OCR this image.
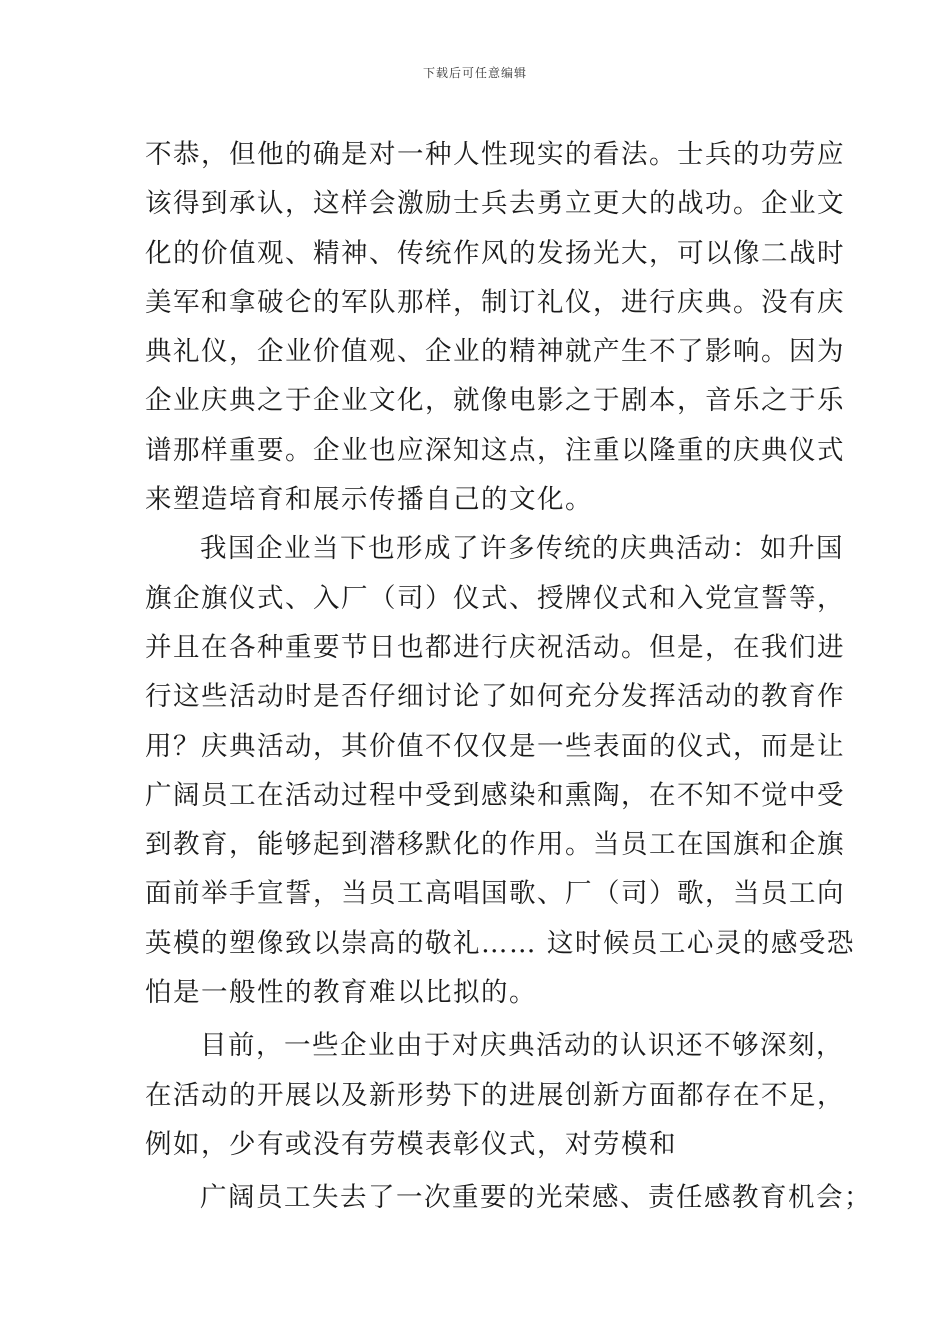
下载后可任意编辑
不恭，但他的确是对一种人性现实的看法。士兵的功劳应
该得到承认，这样会激励士兵去勇立更大的战功。企业文
化的价值观、精神、传统作风的发扬光大，可以像二战时
美军和拿破仑的军队那样，制订礼仪，进行庆典。没有庆
典礼仪，企业价值观、企业的精神就产生不了影响。因为
企业庆典之于企业文化，就像电影之于剧本，音乐之于乐
谱那样重要。企业也应深知这点，注重以隆重的庆典仪式
来塑造培育和展示传播自己的文化。
我国企业当下也形成了许多传统的庆典活动：如升国
旗企旗仪式、入厂（司）仪式、授牌仪式和入党宣誓等，
并且在各种重要节日也都进行庆祝活动。但是，在我们进
行这些活动时是否仔细讨论了如何充分发挥活动的教育作
用？庆典活动，其价值不仅仅是一些表面的仪式，而是让
广阔员工在活动过程中受到感染和熏陶，在不知不觉中受
到教育，能够起到潜移默化的作用。当员工在国旗和企旗
面前举手宣誓，当员工高唱国歌、厂（司）歌，当员工向
英模的塑像致以崇高的敬礼…… 这时候员工心灵的感受恐
怕是一般性的教育难以比拟的。
目前，一些企业由于对庆典活动的认识还不够深刻，
在活动的开展以及新形势下的进展创新方面都存在不足，
例如，少有或没有劳模表彰仪式，对劳模和
广阔员工失去了一次重要的光荣感、责任感教育机会；
